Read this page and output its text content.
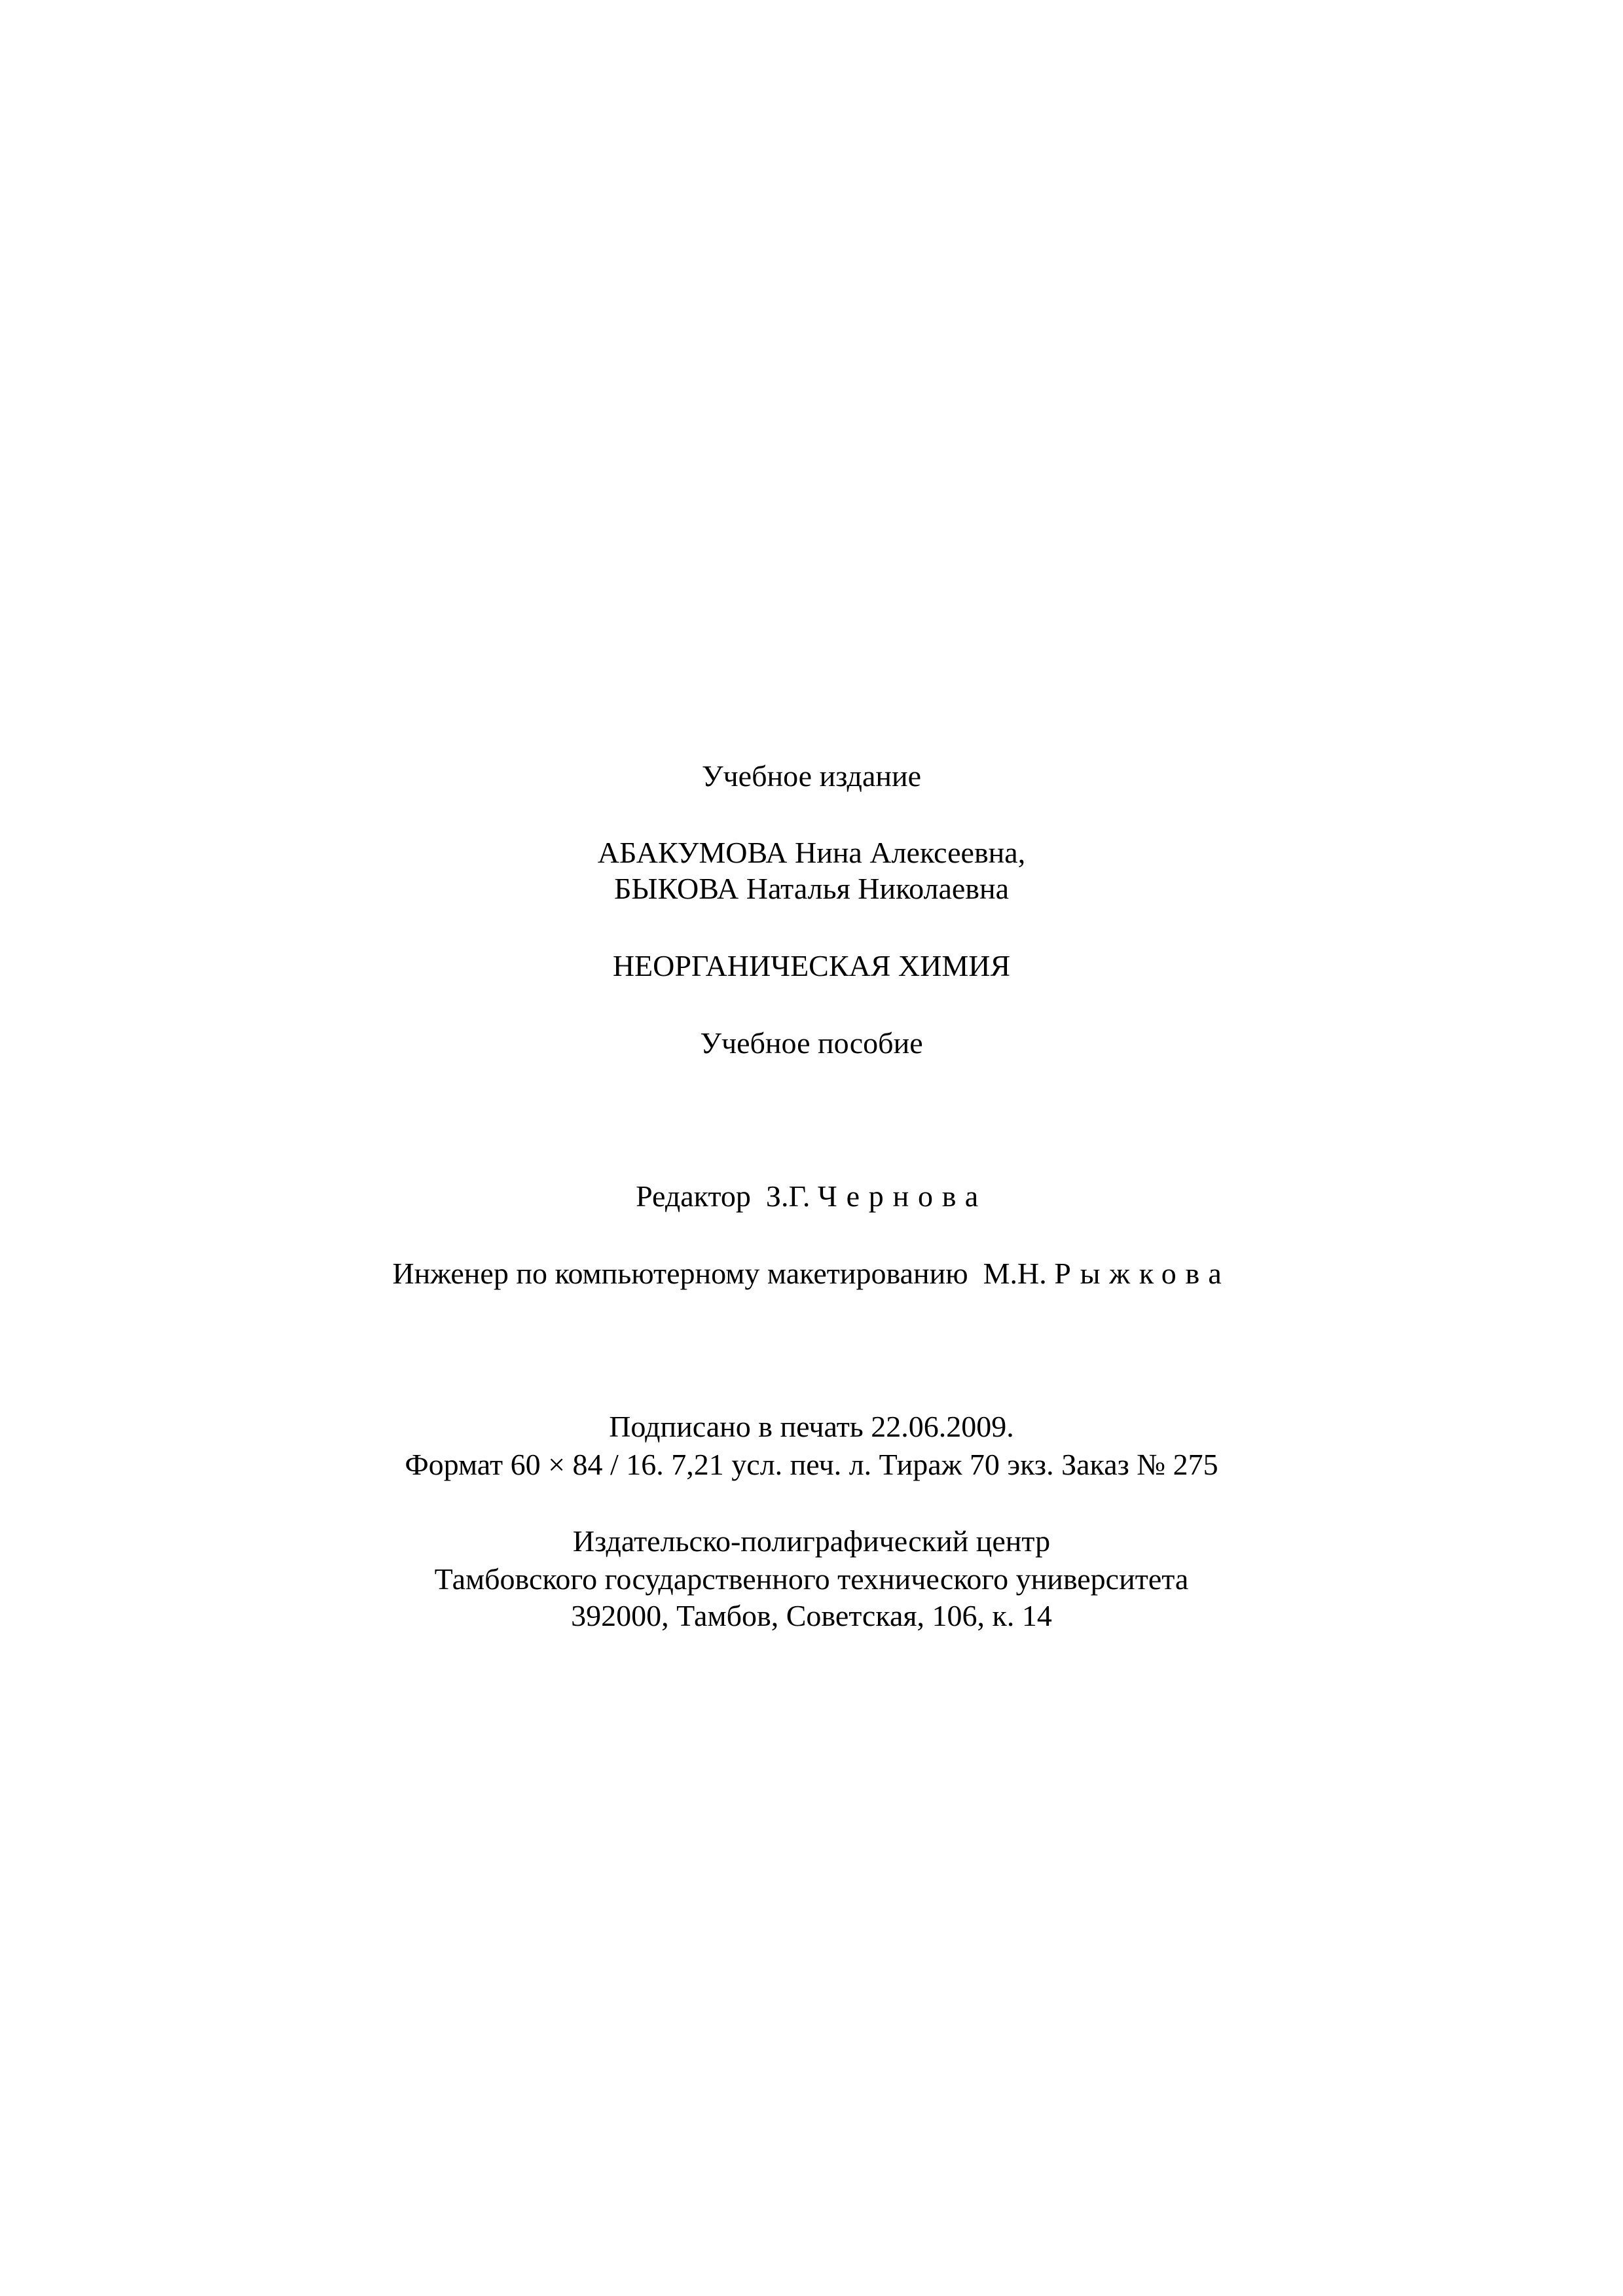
Учебное издание
АБАКУМОВА Нина Алексеевна,
БЫКОВА Наталья Николаевна
НЕОРГАНИЧЕСКАЯ ХИМИЯ
Учебное пособие
Редактор З.Г. Чернова
Инженер по компьютерному макетированию М.Н. Рыжкова
Подписано в печать 22.06.2009.
Формат 60 × 84 / 16. 7,21 усл. печ. л. Тираж 70 экз. Заказ № 275
Издательско-полиграфический центр
Тамбовского государственного технического университета
392000, Тамбов, Советская, 106, к. 14
